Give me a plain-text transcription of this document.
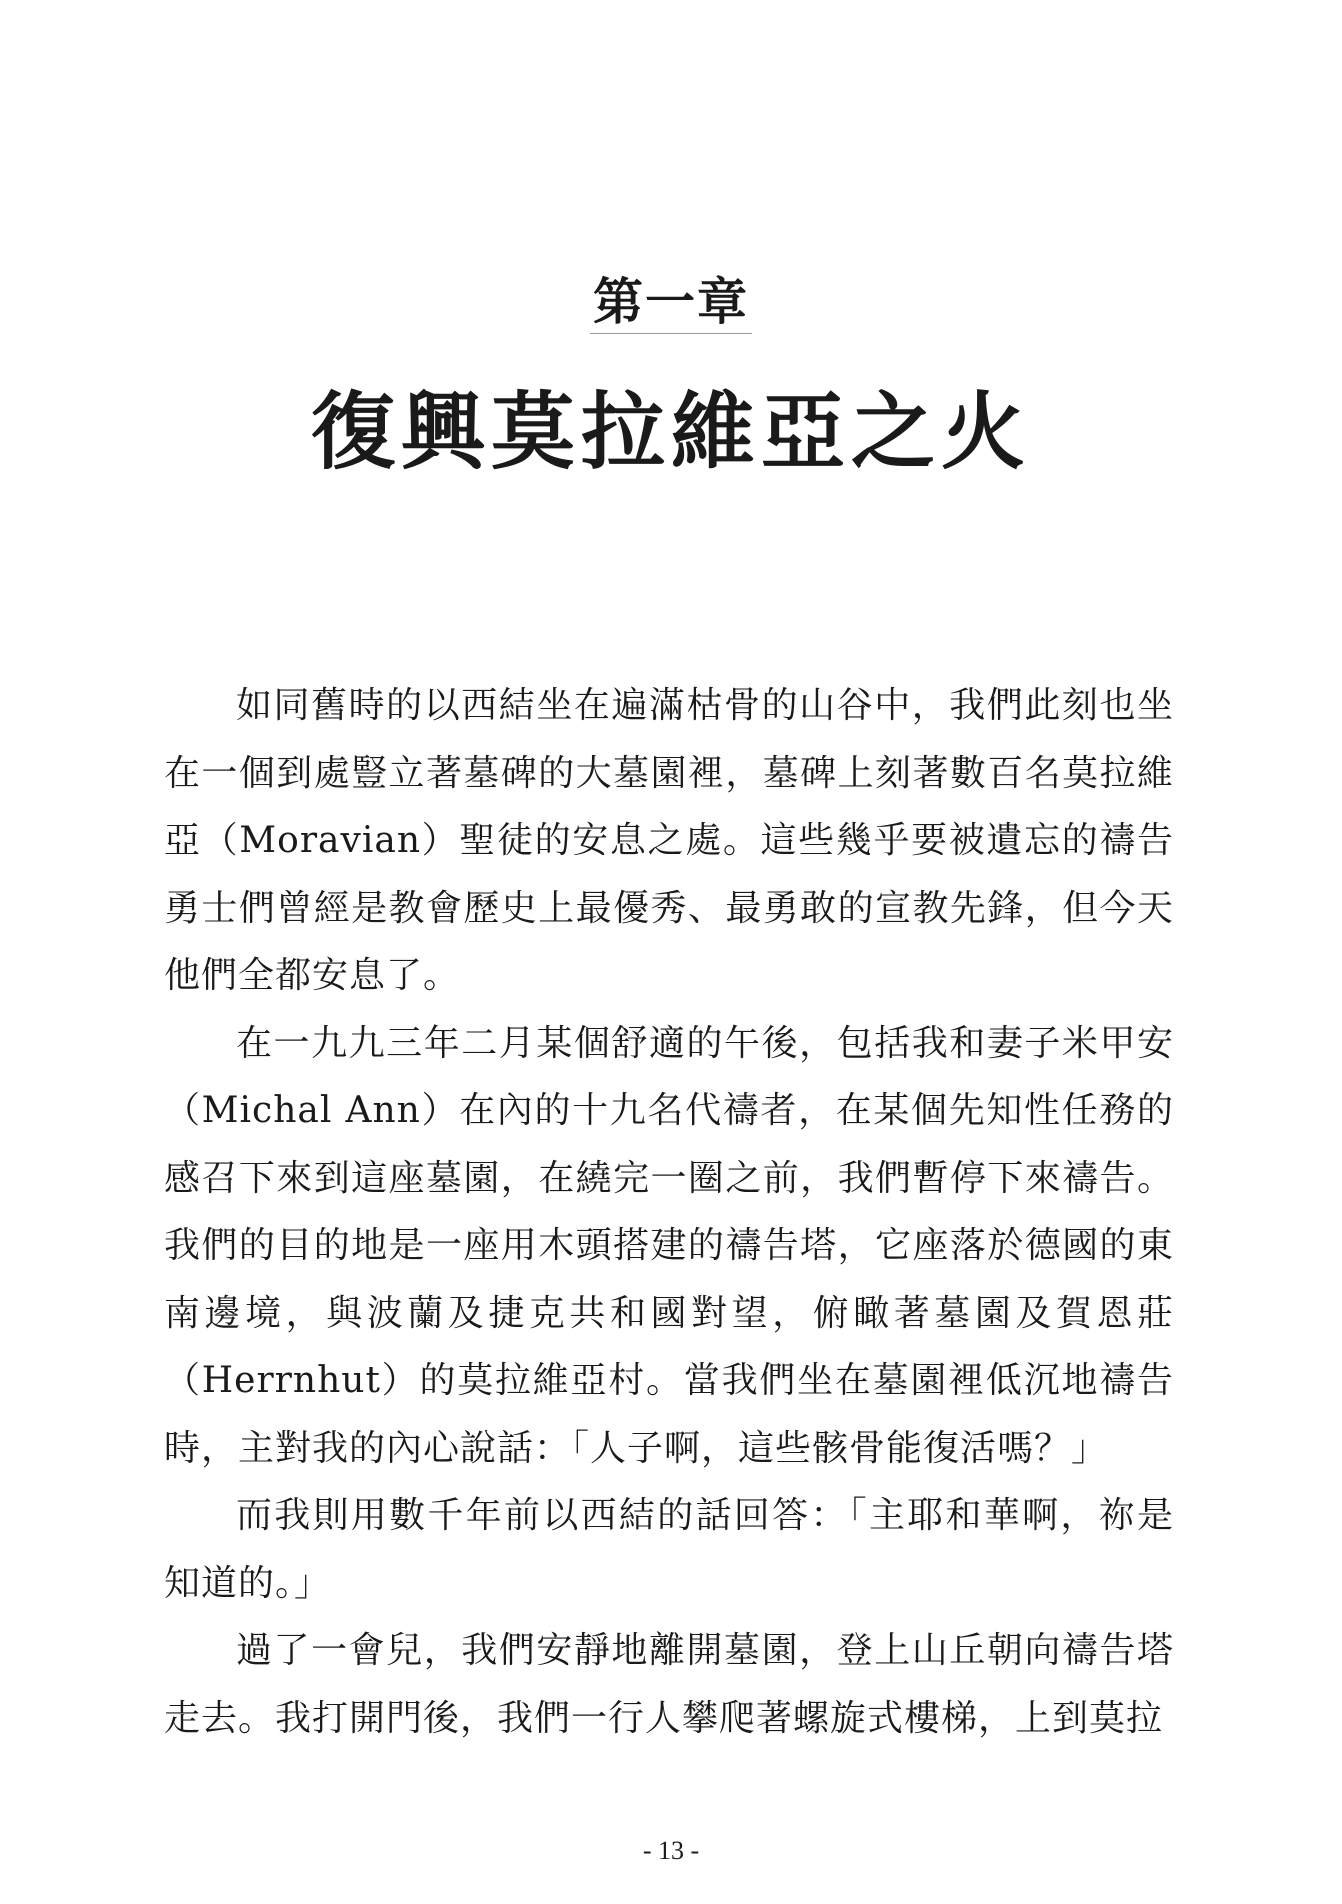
第一章
復興莫拉維亞之火

如同舊時的以西結坐在遍滿枯骨的山谷中，我們此刻也坐在一個到處豎立著墓碑的大墓園裡，墓碑上刻著數百名莫拉維亞（Moravian）聖徒的安息之處。這些幾乎要被遺忘的禱告勇士們曾經是教會歷史上最優秀、最勇敢的宣教先鋒，但今天他們全都安息了。

在一九九三年二月某個舒適的午後，包括我和妻子米甲安（Michal Ann）在內的十九名代禱者，在某個先知性任務的感召下來到這座墓園，在繞完一圈之前，我們暫停下來禱告。我們的目的地是一座用木頭搭建的禱告塔，它座落於德國的東南邊境，與波蘭及捷克共和國對望，俯瞰著墓園及賀恩莊（Herrnhut）的莫拉維亞村。當我們坐在墓園裡低沉地禱告時，主對我的內心說話：「人子啊，這些骸骨能復活嗎？」

而我則用數千年前以西結的話回答：「主耶和華啊，祢是知道的。」

過了一會兒，我們安靜地離開墓園，登上山丘朝向禱告塔走去。我打開門後，我們一行人攀爬著螺旋式樓梯，上到莫拉

- 13 -
